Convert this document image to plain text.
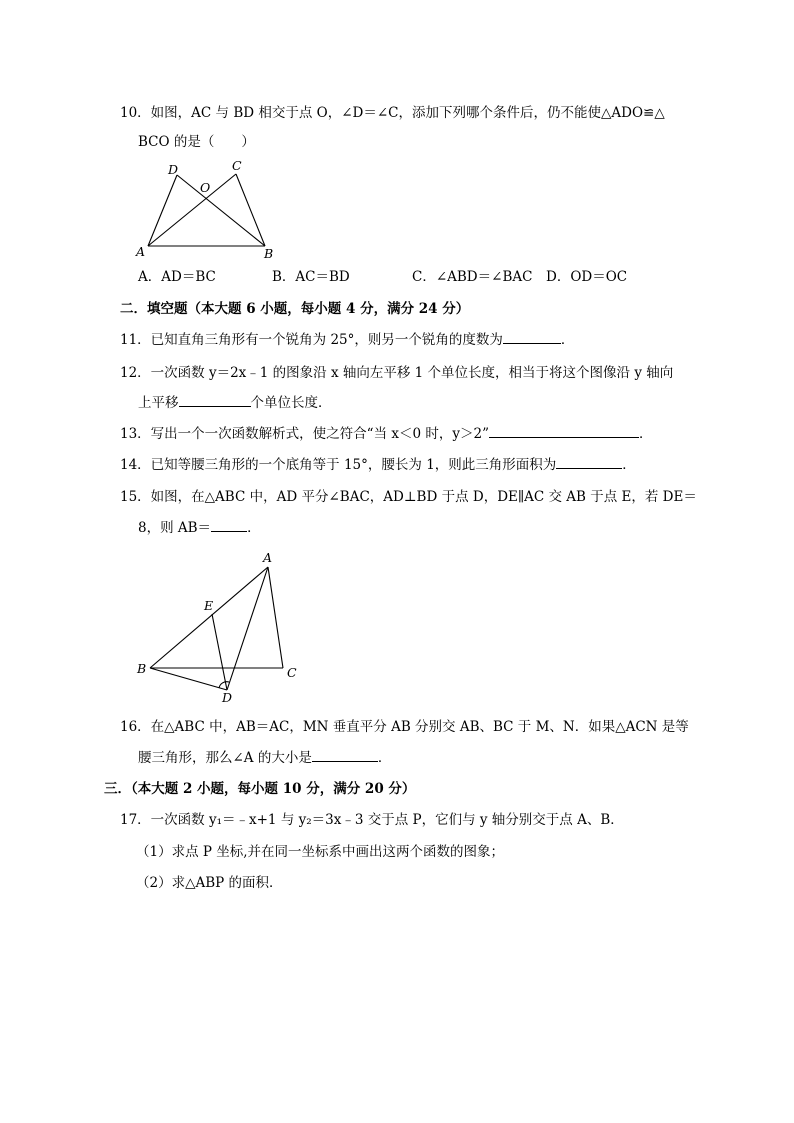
10．如图，AC 与 BD 相交于点 O，∠D＝∠C，添加下列哪个条件后，仍不能使△ADO≌△
BCO 的是（　　）
D	C
O
A	B
A．AD＝BC	B．AC＝BD	C．∠ABD＝∠BAC D．OD＝OC
二．填空题（本大题 6 小题，每小题 4 分，满分 24 分）
11．已知直角三角形有一个锐角为 25°，则另一个锐角的度数为	．
12．一次函数 y＝2x﹣1 的图象沿 x 轴向左平移 1 个单位长度，相当于将这个图像沿 y 轴向
上平移	个单位长度．
13．写出一个一次函数解析式，使之符合“当 x＜0 时，y＞2”	．
14．已知等腰三角形的一个底角等于 15°，腰长为 1，则此三角形面积为	．
15．如图，在△ABC 中，AD 平分∠BAC，AD⊥BD 于点 D，DE∥AC 交 AB 于点 E，若 DE＝
8，则 AB＝	．
A
E
B	C
D
16．在△ABC 中，AB＝AC，MN 垂直平分 AB 分别交 AB、BC 于 M、N．如果△ACN 是等
腰三角形，那么∠A 的大小是	．
三．（本大题 2 小题，每小题 10 分，满分 20 分）
17．一次函数 y₁＝﹣x+1 与 y₂＝3x﹣3 交于点 P，它们与 y 轴分别交于点 A、B．
（1）求点 P 坐标,并在同一坐标系中画出这两个函数的图象；
（2）求△ABP 的面积．
